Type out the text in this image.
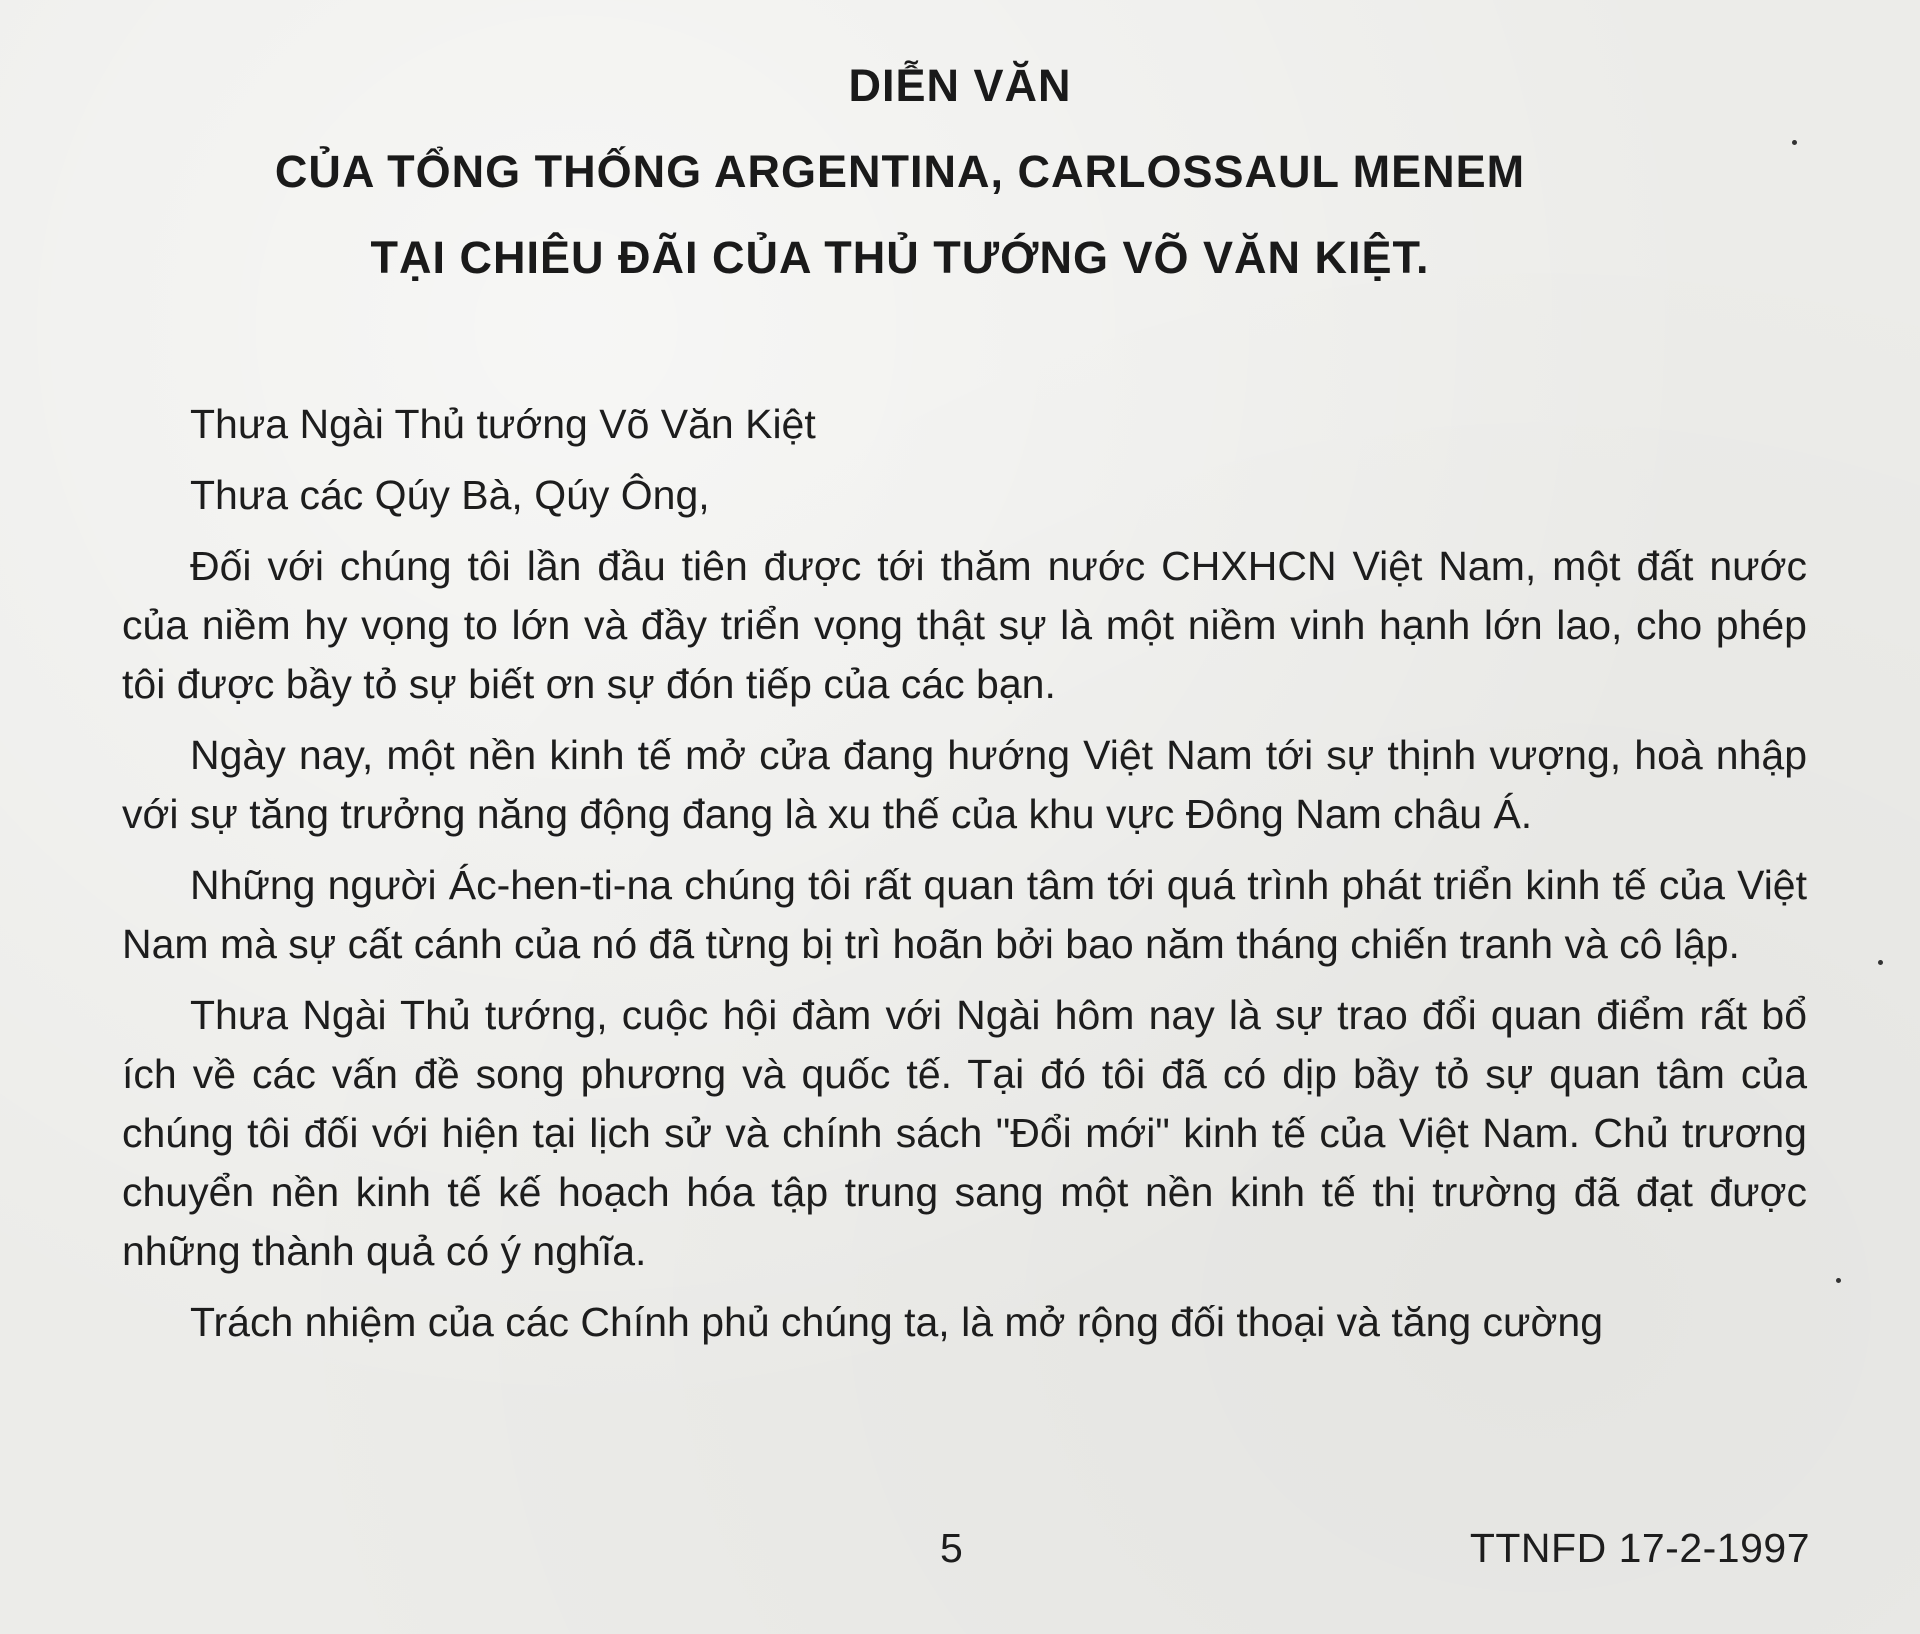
DIỄN VĂN
CỦA TỔNG THỐNG ARGENTINA, CARLOSSAUL MENEM
TẠI CHIÊU ĐÃI CỦA THỦ TƯỚNG VÕ VĂN KIỆT.

Thưa Ngài Thủ tướng Võ Văn Kiệt

Thưa các Qúy Bà, Qúy Ông,

Đối với chúng tôi lần đầu tiên được tới thăm nước CHXHCN Việt Nam, một đất nước của niềm hy vọng to lớn và đầy triển vọng thật sự là một niềm vinh hạnh lớn lao, cho phép tôi được bầy tỏ sự biết ơn sự đón tiếp của các bạn.

Ngày nay, một nền kinh tế mở cửa đang hướng Việt Nam tới sự thịnh vượng, hoà nhập với sự tăng trưởng năng động đang là xu thế của khu vực Đông Nam châu Á.

Những người Ác-hen-ti-na chúng tôi rất quan tâm tới quá trình phát triển kinh tế của Việt Nam mà sự cất cánh của nó đã từng bị trì hoãn bởi bao năm tháng chiến tranh và cô lập.

Thưa Ngài Thủ tướng, cuộc hội đàm với Ngài hôm nay là sự trao đổi quan điểm rất bổ ích về các vấn đề song phương và quốc tế. Tại đó tôi đã có dịp bầy tỏ sự quan tâm của chúng tôi đối với hiện tại lịch sử và chính sách "Đổi mới" kinh tế của Việt Nam. Chủ trương chuyển nền kinh tế kế hoạch hóa tập trung sang một nền kinh tế thị trường đã đạt được những thành quả có ý nghĩa.

Trách nhiệm của các Chính phủ chúng ta, là mở rộng đối thoại và tăng cường

5	TTNFD 17-2-1997
